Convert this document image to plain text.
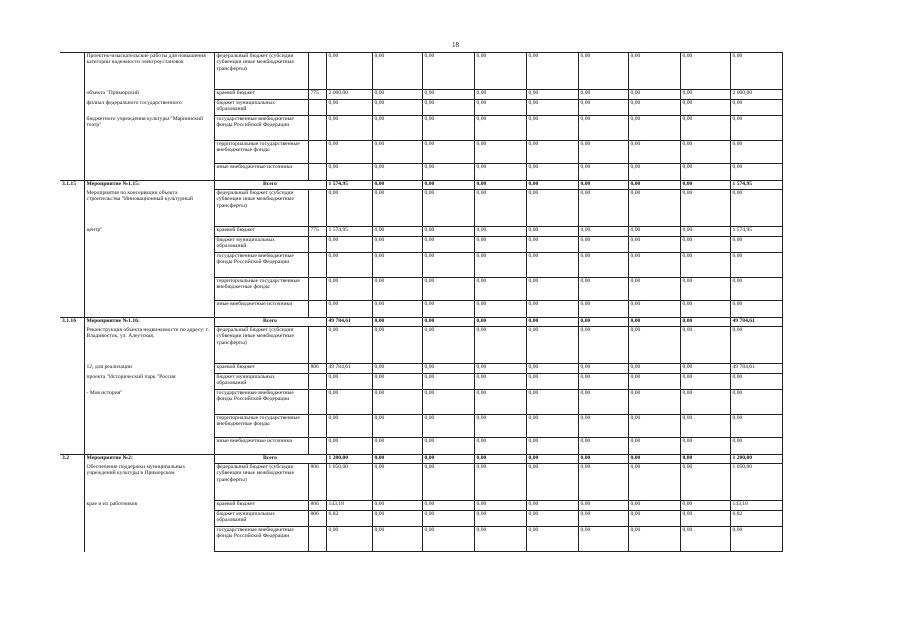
18
	Проектно-изыскательские работы для повышения категории надежности электроустановок	федеральный бюджет (субсидии субвенции иные межбюджетные трансферты)		0,00	0,00	0,00	0,00	0,00	0,00	0,00	0,00	0,00
	объекта "Приморский	краевой бюджет	775	2 000,00	0,00	0,00	0,00	0,00	0,00	0,00	0,00	2 000,00
	филиал федерального государственного	бюджет муниципальных образований		0,00	0,00	0,00	0,00	0,00	0,00	0,00	0,00	0,00
	бюджетного учреждения культуры "Мариинский театр"	государственные внебюджетные фонды Российской Федерации		0,00	0,00	0,00	0,00	0,00	0,00	0,00	0,00	0,00
		территориальные государственные внебюджетные фонды		0,00	0,00	0,00	0,00	0,00	0,00	0,00	0,00	0,00
		иные внебюджетные источники		0,00	0,00	0,00	0,00	0,00	0,00	0,00	0,00	0,00
3.1.15	Мероприятие №1.15:	Всего		1 574,95	0,00	0,00	0,00	0,00	0,00	0,00	0,00	1 574,95
	Мероприятия по консервации объекта строительства "Инновационный культурный	федеральный бюджет (субсидии субвенции иные межбюджетные трансферты)		0,00	0,00	0,00	0,00	0,00	0,00	0,00	0,00	0,00
	центр"	краевой бюджет	775	1 574,95	0,00	0,00	0,00	0,00	0,00	0,00	0,00	1 574,95
		бюджет муниципальных образований		0,00	0,00	0,00	0,00	0,00	0,00	0,00	0,00	0,00
		государственные внебюджетные фонды Российской Федерации		0,00	0,00	0,00	0,00	0,00	0,00	0,00	0,00	0,00
		территориальные государственные внебюджетные фонды		0,00	0,00	0,00	0,00	0,00	0,00	0,00	0,00	0,00
		иные внебюджетные источники		0,00	0,00	0,00	0,00	0,00	0,00	0,00	0,00	0,00
3.1.16	Мероприятие №1.16:	Всего		49 784,61	0,00	0,00	0,00	0,00	0,00	0,00	0,00	49 784,61
	Реконструкция объекта недвижимости по адресу: г. Владивосток, ул. Алеутская,	федеральный бюджет (субсидии субвенции иные межбюджетные трансферты)		0,00	0,00	0,00	0,00	0,00	0,00	0,00	0,00	0,00
	12, для реализации	краевой бюджет	806	49 784,61	0,00	0,00	0,00	0,00	0,00	0,00	0,00	49 784,61
	проекта "Исторический парк "Россия	бюджет муниципальных образований		0,00	0,00	0,00	0,00	0,00	0,00	0,00	0,00	0,00
	- Моя история"	государственные внебюджетные фонды Российской Федерации		0,00	0,00	0,00	0,00	0,00	0,00	0,00	0,00	0,00
		территориальные государственные внебюджетные фонды		0,00	0,00	0,00	0,00	0,00	0,00	0,00	0,00	0,00
		иные внебюджетные источники		0,00	0,00	0,00	0,00	0,00	0,00	0,00	0,00	0,00
3.2	Мероприятие №2:	Всего		1 200,00	0,00	0,00	0,00	0,00	0,00	0,00	0,00	1 200,00
	Обеспечение поддержки муниципальных учреждений культуры в Приморском	федеральный бюджет (субсидии субвенции иные межбюджетные трансферты)	806	1 050,00	0,00	0,00	0,00	0,00	0,00	0,00	0,00	1 050,00
	крае и их работников	краевой бюджет	806	143,18	0,00	0,00	0,00	0,00	0,00	0,00	0,00	143,18
		бюджет муниципальных образований	806	6,82	0,00	0,00	0,00	0,00	0,00	0,00	0,00	6,82
		государственные внебюджетные фонды Российской Федерации		0,00	0,00	0,00	0,00	0,00	0,00	0,00	0,00	0,00
